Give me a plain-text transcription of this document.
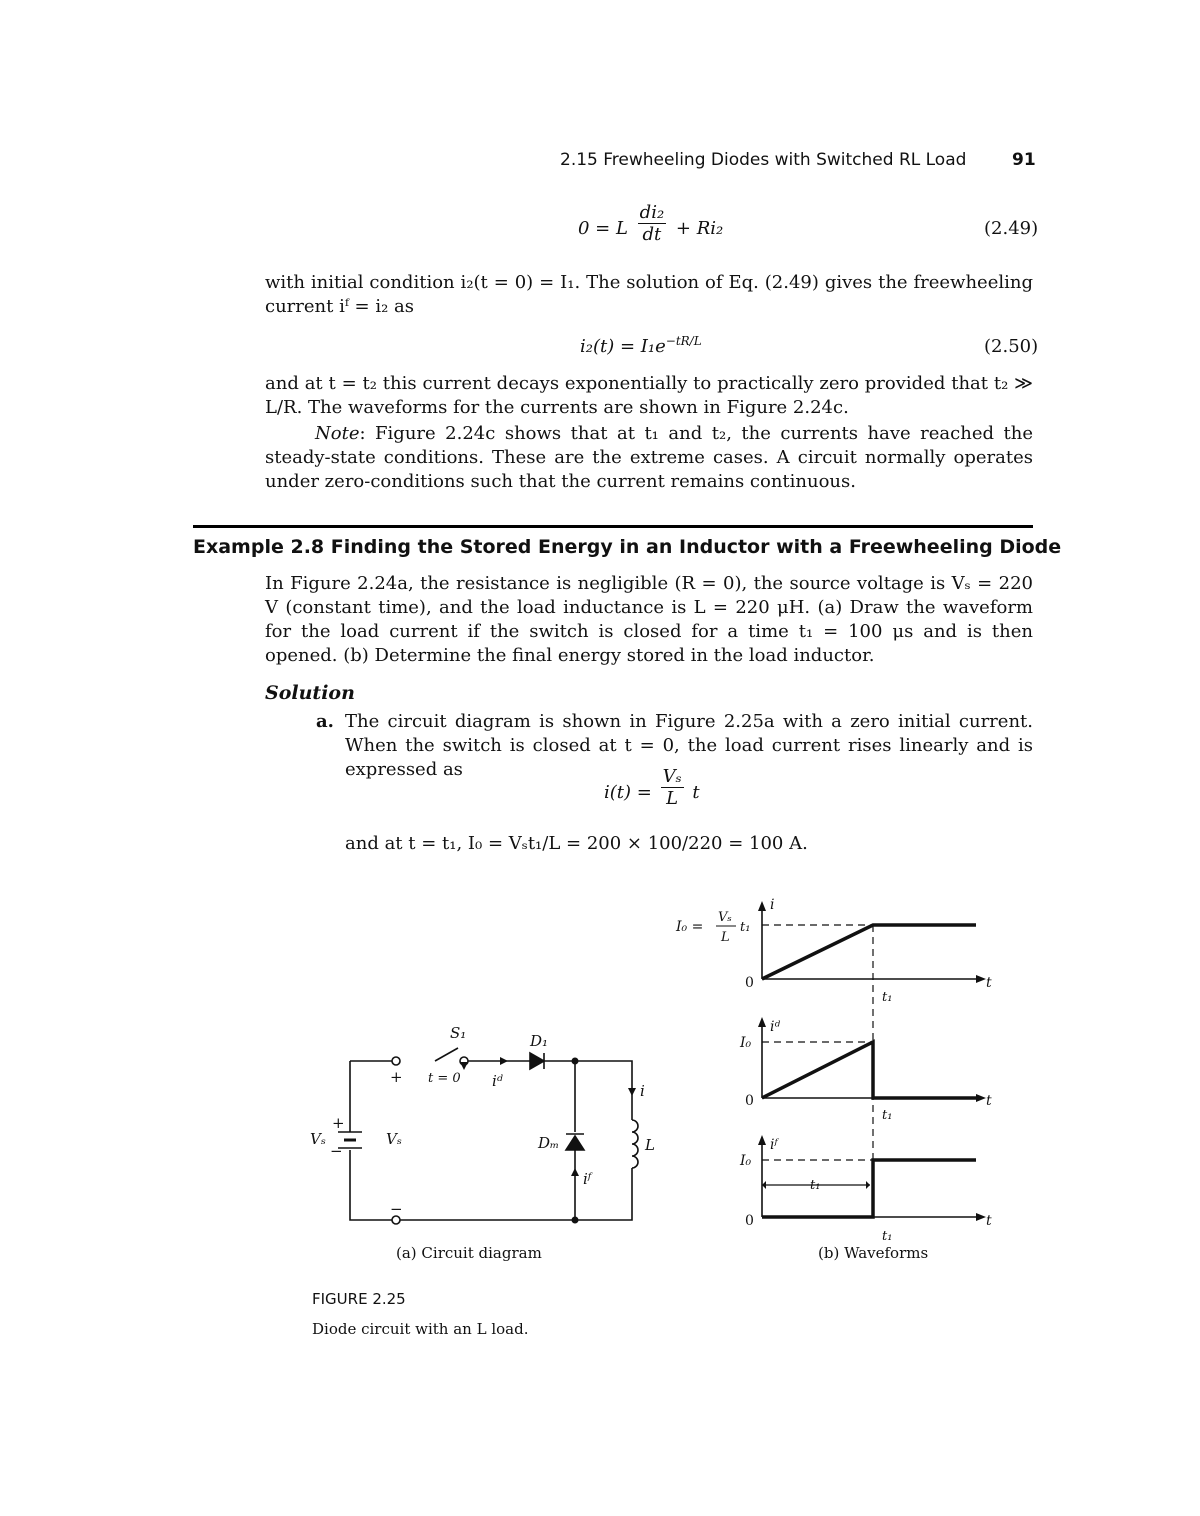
2.15 Frewheeling Diodes with Switched RL Load	91
0 = L $\frac{\text{di₂}}{dt} + Ri_2$	(2.49)
with initial condition i₂(t = 0) = I₁. The solution of Eq. (2.49) gives the freewheeling current iᶠ = i₂ as
$i_2(t) = I_1e^{-tR/L}$	(2.50)
and at t = t₂ this current decays exponentially to practically zero provided that t₂ ≫ L/R. The waveforms for the currents are shown in Figure 2.24c.
Note: Figure 2.24c shows that at t₁ and t₂, the currents have reached the steady-state conditions. These are the extreme cases. A circuit normally operates under zero-conditions such that the current remains continuous.
Example 2.8 Finding the Stored Energy in an Inductor with a Freewheeling Diode
In Figure 2.24a, the resistance is negligible (R = 0), the source voltage is Vₛ = 220 V (constant time), and the load inductance is L = 220 μH. (a) Draw the waveform for the load current if the switch is closed for a time t₁ = 100 μs and is then opened. (b) Determine the final energy stored in the load inductor.
Solution
a. The circuit diagram is shown in Figure 2.25a with a zero initial current. When the switch is closed at t = 0, the load current rises linearly and is expressed as
$i(t) = \frac{\text{Vₛ}}{L}$ t
and at t = t₁, I₀ = Vₛt₁/L = 200 × 100/220 = 100 A.
S₁
t = 0
+
D₁
iᵈ
i
L
Dₘ
iᶠ
Vₛ	Vₛ
+
−
−
(a) Circuit diagram
I₀ =
Vₛ
L
t₁
i
0	t
t₁
iᵈ
I₀
0	t
t₁
iᶠ
I₀
t₁
0	t
t₁
(b) Waveforms
FIGURE 2.25
Diode circuit with an L load.
